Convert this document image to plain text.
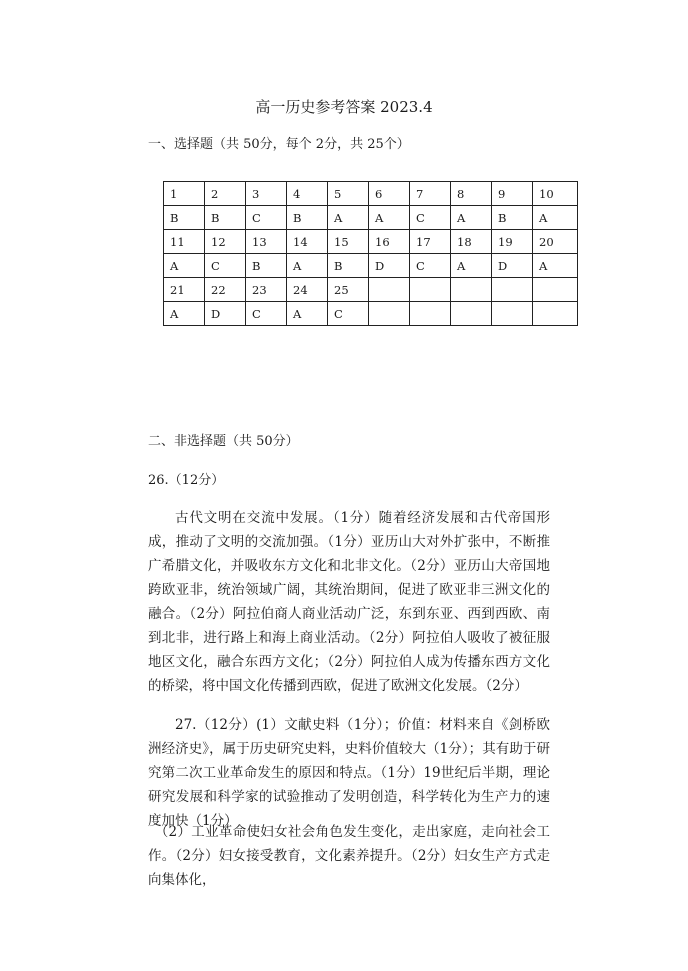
高一历史参考答案 2023.4
一、选择题（共 50分，每个 2分，共 25个）
1	2	3	4	5	6	7	8	9	10
B	B	C	B	A	A	C	A	B	A
11	12	13	14	15	16	17	18	19	20
A	C	B	A	B	D	C	A	D	A
21	22	23	24	25					
A	D	C	A	C					
二、非选择题（共 50分）
26.（12分）

古代文明在交流中发展。（1分）随着经济发展和古代帝国形成，推动了文明的交流加强。（1分）亚历山大对外扩张中，不断推广希腊文化，并吸收东方文化和北非文化。（2分）亚历山大帝国地跨欧亚非，统治领域广阔，其统治期间，促进了欧亚非三洲文化的融合。（2分）阿拉伯商人商业活动广泛，东到东亚、西到西欧、南到北非，进行路上和海上商业活动。（2分）阿拉伯人吸收了被征服地区文化，融合东西方文化；（2分）阿拉伯人成为传播东西方文化的桥梁，将中国文化传播到西欧，促进了欧洲文化发展。（2分）

27.（12分）(1）文献史料（1分）；价值：材料来自《剑桥欧洲经济史》，属于历史研究史料，史料价值较大（1分）；其有助于研究第二次工业革命发生的原因和特点。（1分）19世纪后半期，理论研究发展和科学家的试验推动了发明创造，科学转化为生产力的速度加快（1分）

（2）工业革命使妇女社会角色发生变化，走出家庭，走向社会工作。（2分）妇女接受教育，文化素养提升。（2分）妇女生产方式走向集体化，
